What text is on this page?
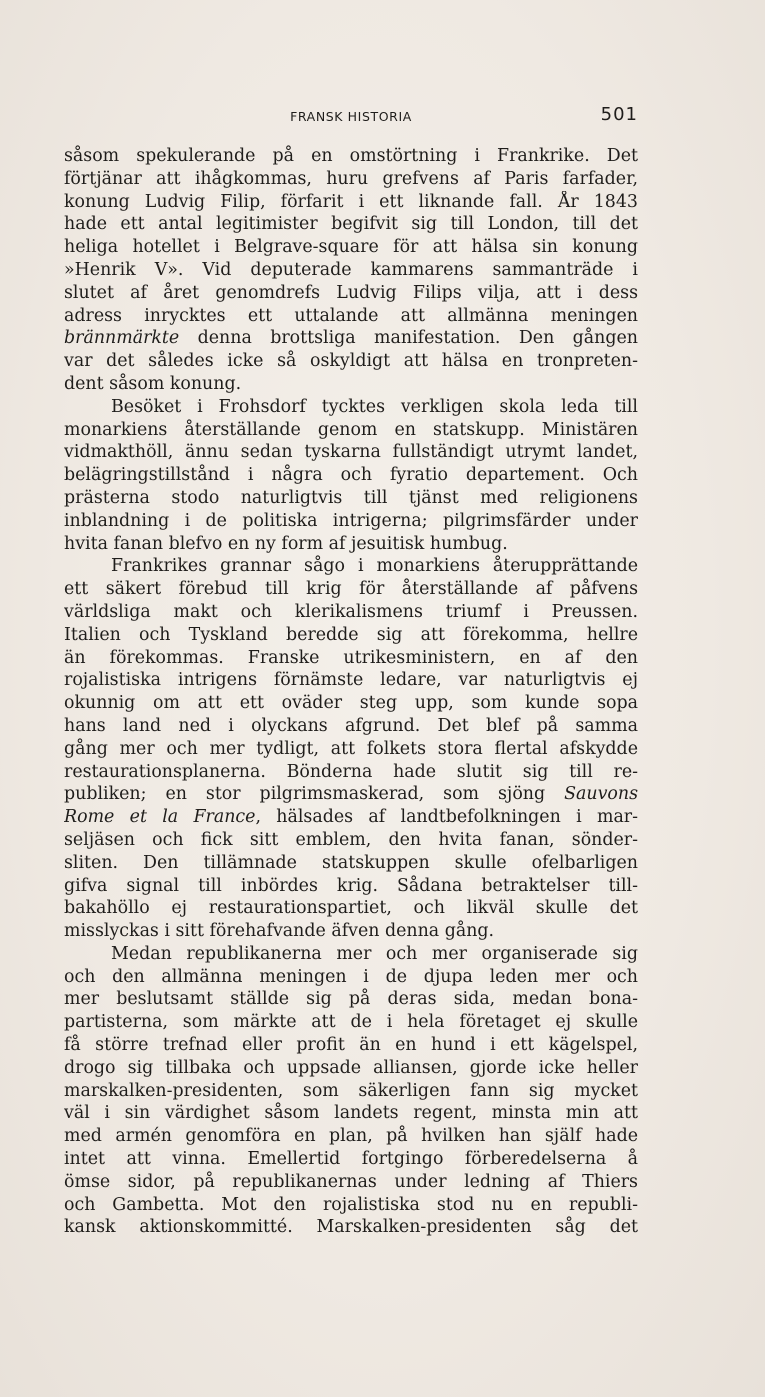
FRANSK HISTORIA	501
såsom spekulerande på en omstörtning i Frankrike. Det
förtjänar att ihågkommas, huru grefvens af Paris farfader,
konung Ludvig Filip, förfarit i ett liknande fall. År 1843
hade ett antal legitimister begifvit sig till London, till det
heliga hotellet i Belgrave-square för att hälsa sin konung
»Henrik V». Vid deputerade kammarens sammanträde i
slutet af året genomdrefs Ludvig Filips vilja, att i dess
adress inrycktes ett uttalande att allmänna meningen
brännmärkte denna brottsliga manifestation. Den gången
var det således icke så oskyldigt att hälsa en tronpreten-
dent såsom konung.
Besöket i Frohsdorf tycktes verkligen skola leda till
monarkiens återställande genom en statskupp. Ministären
vidmakthöll, ännu sedan tyskarna fullständigt utrymt landet,
belägringstillstånd i några och fyratio departement. Och
prästerna stodo naturligtvis till tjänst med religionens
inblandning i de politiska intrigerna; pilgrimsfärder under
hvita fanan blefvo en ny form af jesuitisk humbug.
Frankrikes grannar sågo i monarkiens återupprättande
ett säkert förebud till krig för återställande af påfvens
världsliga makt och klerikalismens triumf i Preussen.
Italien och Tyskland beredde sig att förekomma, hellre
än förekommas. Franske utrikesministern, en af den
rojalistiska intrigens förnämste ledare, var naturligtvis ej
okunnig om att ett oväder steg upp, som kunde sopa
hans land ned i olyckans afgrund. Det blef på samma
gång mer och mer tydligt, att folkets stora flertal afskydde
restaurationsplanerna. Bönderna hade slutit sig till re-
publiken; en stor pilgrimsmaskerad, som sjöng Sauvons
Rome et la France, hälsades af landtbefolkningen i mar-
seljäsen och fick sitt emblem, den hvita fanan, sönder-
sliten. Den tillämnade statskuppen skulle ofelbarligen
gifva signal till inbördes krig. Sådana betraktelser till-
bakahöllo ej restaurationspartiet, och likväl skulle det
misslyckas i sitt förehafvande äfven denna gång.
Medan republikanerna mer och mer organiserade sig
och den allmänna meningen i de djupa leden mer och
mer beslutsamt ställde sig på deras sida, medan bona-
partisterna, som märkte att de i hela företaget ej skulle
få större trefnad eller profit än en hund i ett kägelspel,
drogo sig tillbaka och uppsade alliansen, gjorde icke heller
marskalken-presidenten, som säkerligen fann sig mycket
väl i sin värdighet såsom landets regent, minsta min att
med armén genomföra en plan, på hvilken han själf hade
intet att vinna. Emellertid fortgingo förberedelserna å
ömse sidor, på republikanernas under ledning af Thiers
och Gambetta. Mot den rojalistiska stod nu en republi-
kansk aktionskommitté. Marskalken-presidenten såg det
